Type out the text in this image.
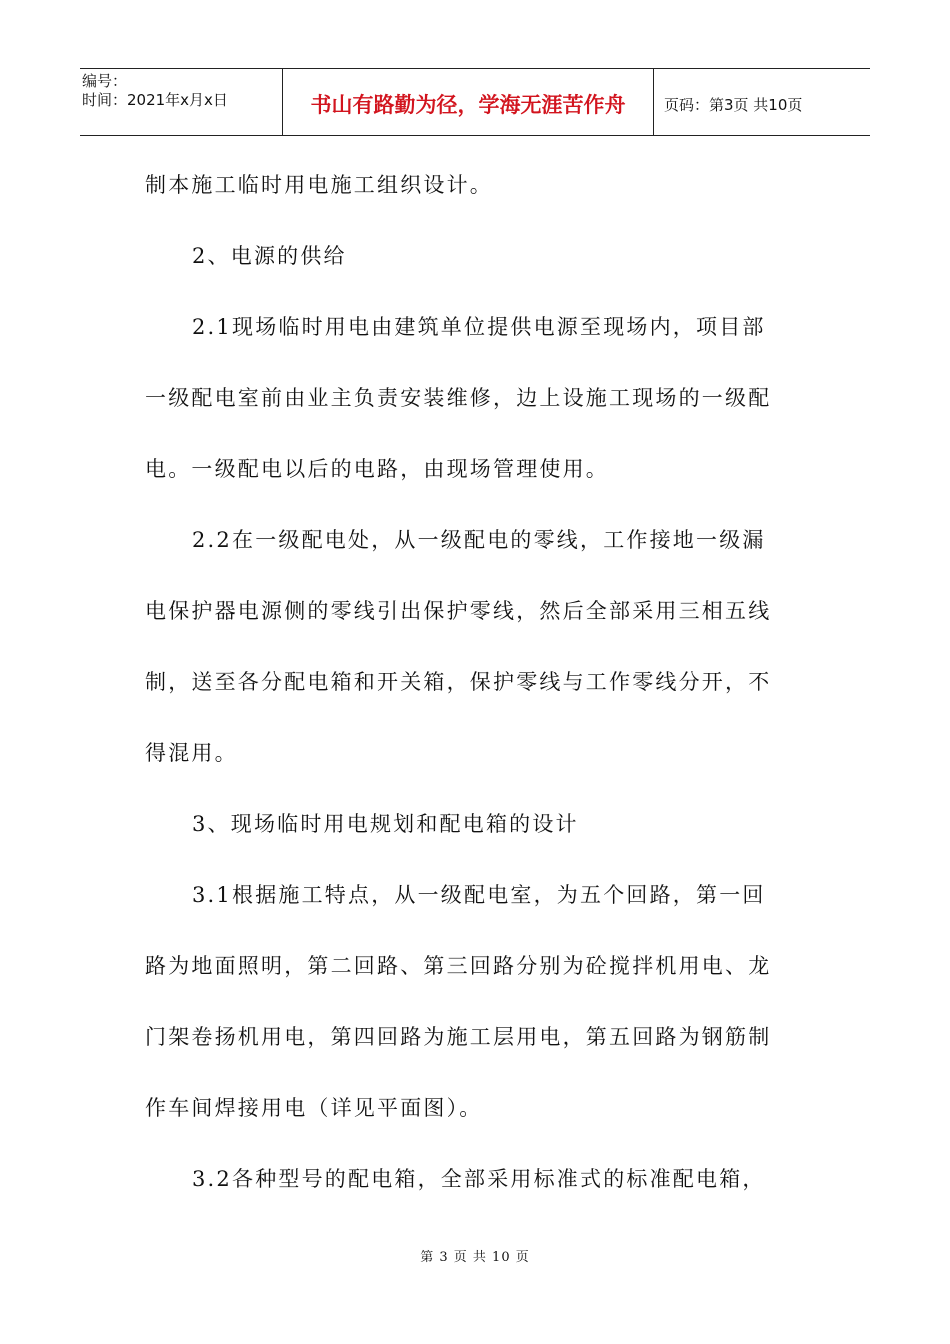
编号：
时间：2021年x月x日	书山有路勤为径，学海无涯苦作舟	页码：第3页 共10页
制本施工临时用电施工组织设计。
2、电源的供给
2.1现场临时用电由建筑单位提供电源至现场内，项目部
一级配电室前由业主负责安装维修，边上设施工现场的一级配
电。一级配电以后的电路，由现场管理使用。
2.2在一级配电处，从一级配电的零线，工作接地一级漏
电保护器电源侧的零线引出保护零线，然后全部采用三相五线
制，送至各分配电箱和开关箱，保护零线与工作零线分开，不
得混用。
3、现场临时用电规划和配电箱的设计
3.1根据施工特点，从一级配电室，为五个回路，第一回
路为地面照明，第二回路、第三回路分别为砼搅拌机用电、龙
门架卷扬机用电，第四回路为施工层用电，第五回路为钢筋制
作车间焊接用电（详见平面图）。
3.2各种型号的配电箱，全部采用标准式的标准配电箱，
第 3 页 共 10 页
